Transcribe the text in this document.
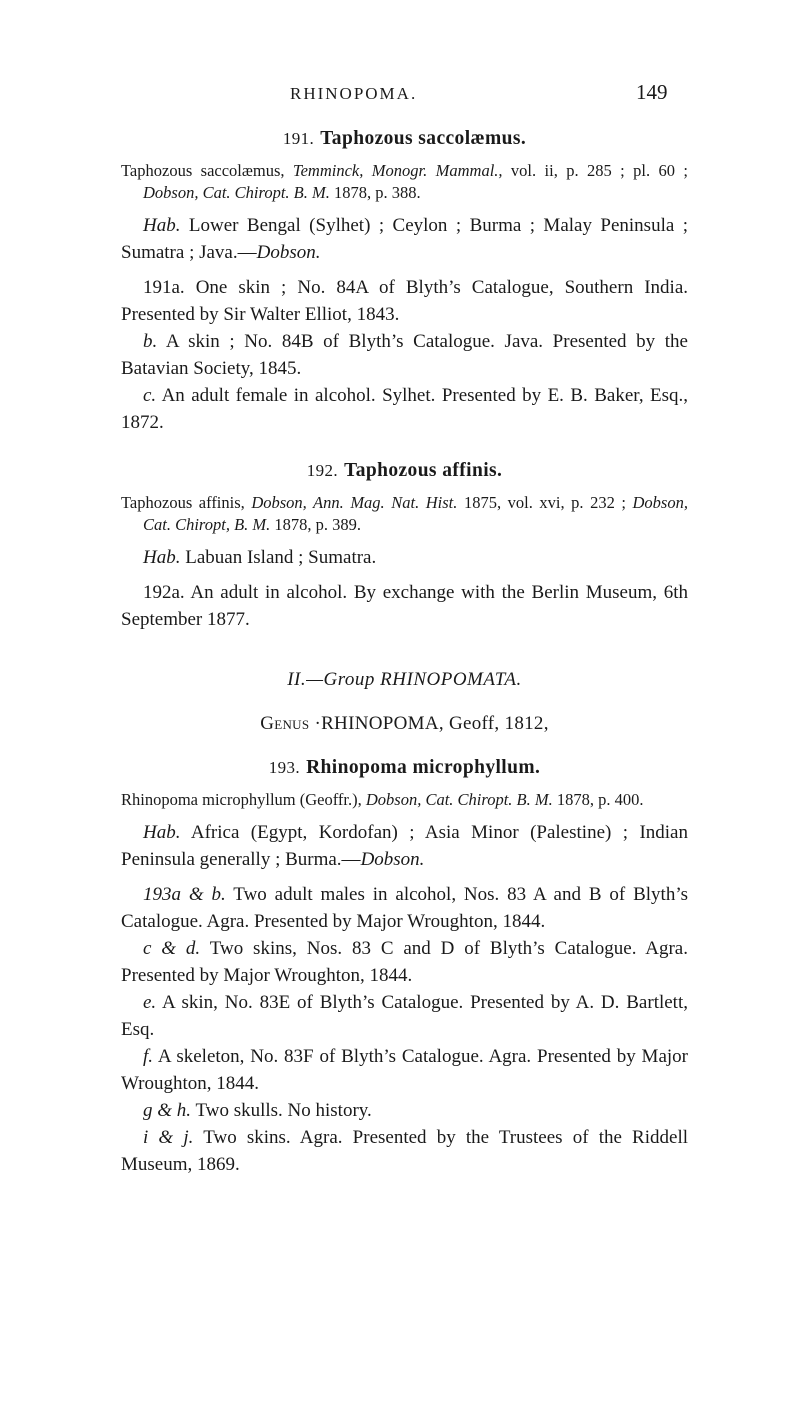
RHINOPOMA.	149
191. Taphozous saccolæmus.

Taphozous saccolæmus, Temminck, Monogr. Mammal., vol. ii, p. 285 ; pl. 60 ; Dobson, Cat. Chiropt. B. M. 1878, p. 388.

Hab. Lower Bengal (Sylhet) ; Ceylon ; Burma ; Malay Peninsula ; Sumatra ; Java.—Dobson.

191a. One skin ; No. 84A of Blyth’s Catalogue, Southern India. Presented by Sir Walter Elliot, 1843.

b. A skin ; No. 84B of Blyth’s Catalogue. Java. Presented by the Batavian Society, 1845.

c. An adult female in alcohol. Sylhet. Presented by E. B. Baker, Esq., 1872.

192. Taphozous affinis.

Taphozous affinis, Dobson, Ann. Mag. Nat. Hist. 1875, vol. xvi, p. 232 ; Dobson, Cat. Chiropt, B. M. 1878, p. 389.

Hab. Labuan Island ; Sumatra.

192a. An adult in alcohol. By exchange with the Berlin Museum, 6th September 1877.

II.—Group RHINOPOMATA.

Genus ·RHINOPOMA, Geoff, 1812,

193. Rhinopoma microphyllum.

Rhinopoma microphyllum (Geoffr.), Dobson, Cat. Chiropt. B. M. 1878, p. 400.

Hab. Africa (Egypt, Kordofan) ; Asia Minor (Palestine) ; Indian Peninsula generally ; Burma.—Dobson.

193a & b. Two adult males in alcohol, Nos. 83 A and B of Blyth’s Catalogue. Agra. Presented by Major Wroughton, 1844.

c & d. Two skins, Nos. 83 C and D of Blyth’s Catalogue. Agra. Presented by Major Wroughton, 1844.

e. A skin, No. 83E of Blyth’s Catalogue. Presented by A. D. Bartlett, Esq.

f. A skeleton, No. 83F of Blyth’s Catalogue. Agra. Presented by Major Wroughton, 1844.

g & h. Two skulls. No history.

i & j. Two skins. Agra. Presented by the Trustees of the Riddell Museum, 1869.
